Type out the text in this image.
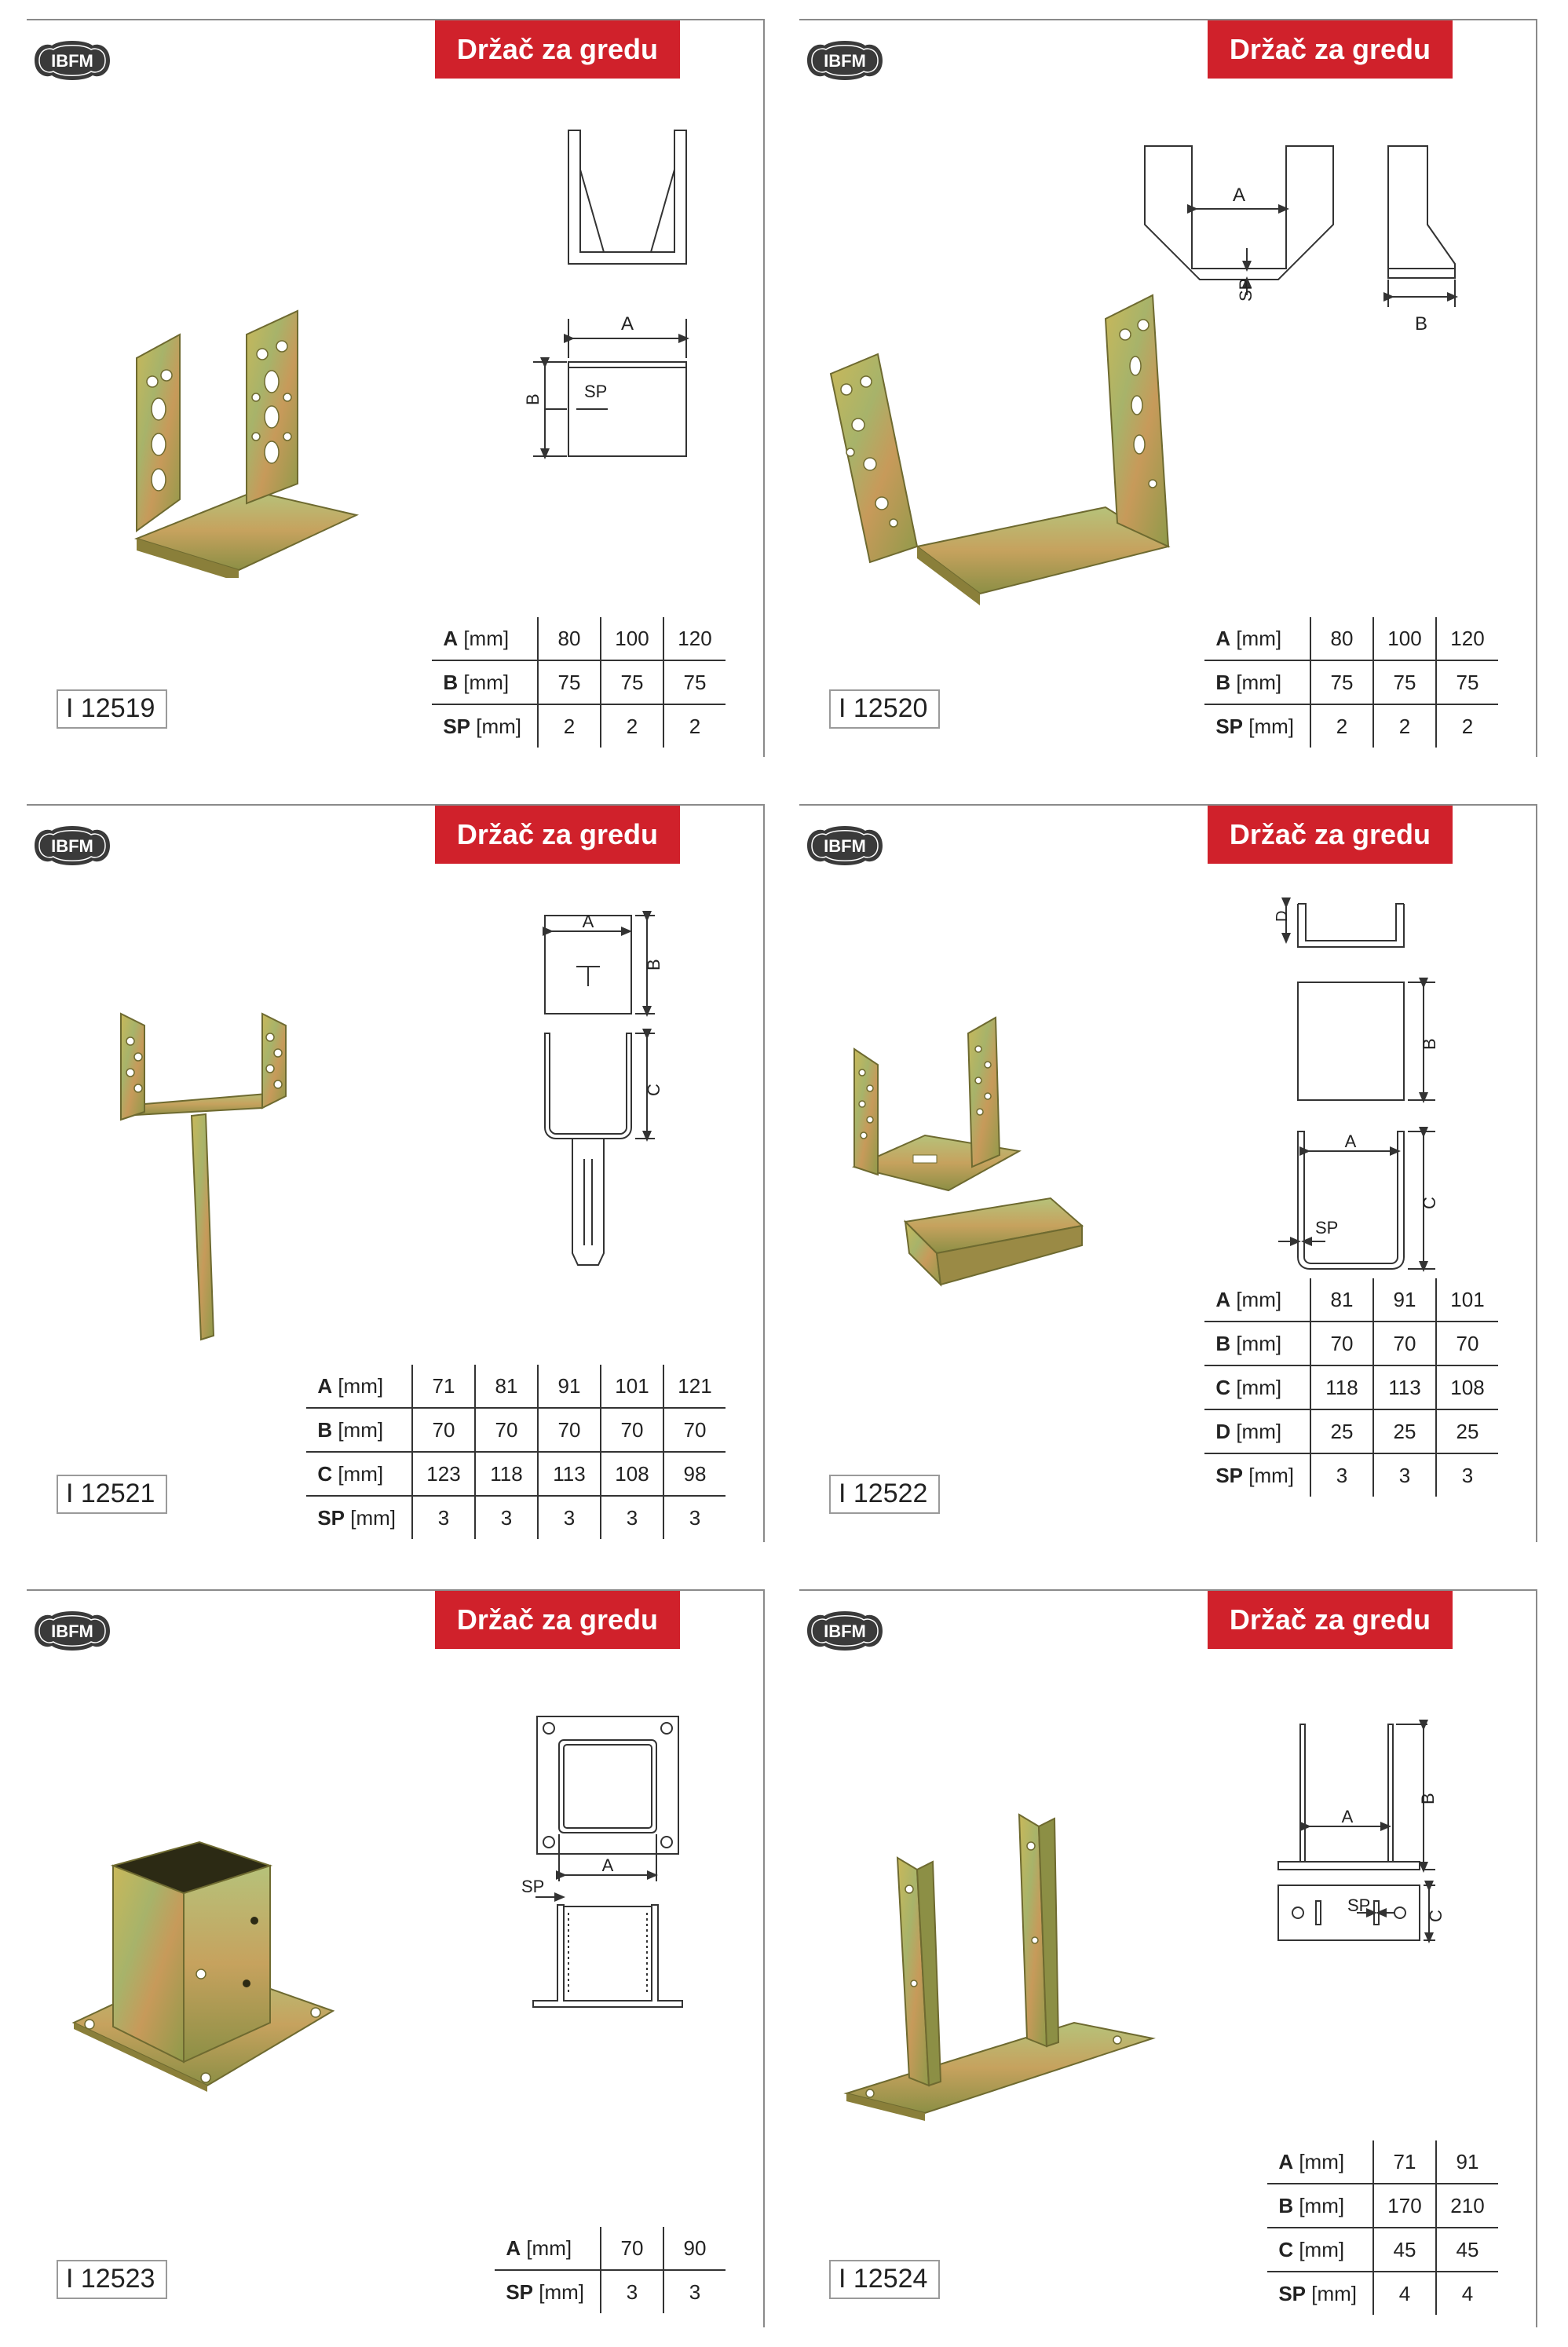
IBFM	Držač za gredu
A
B SP
A [mm]	80	100	120
B [mm]	75	75	75
SP [mm]	2	2	2
I 12519
IBFM	Držač za gredu
A
SP
B
A [mm]	80	100	120
B [mm]	75	75	75
SP [mm]	2	2	2
I 12520
IBFM	Držač za gredu
A
B
C
A [mm]	71	81	91	101	121
B [mm]	70	70	70	70	70
C [mm]	123	118	113	108	98
SP [mm]	3	3	3	3	3
I 12521
IBFM	Držač za gredu
D
B
A
C
SP
A [mm]	81	91	101
B [mm]	70	70	70
C [mm]	118	113	108
D [mm]	25	25	25
SP [mm]	3	3	3
I 12522
IBFM	Držač za gredu
A
SP
A [mm]	70	90
SP [mm]	3	3
I 12523
IBFM	Držač za gredu
A
B
SP
C
A [mm]	71	91
B [mm]	170	210
C [mm]	45	45
SP [mm]	4	4
I 12524
